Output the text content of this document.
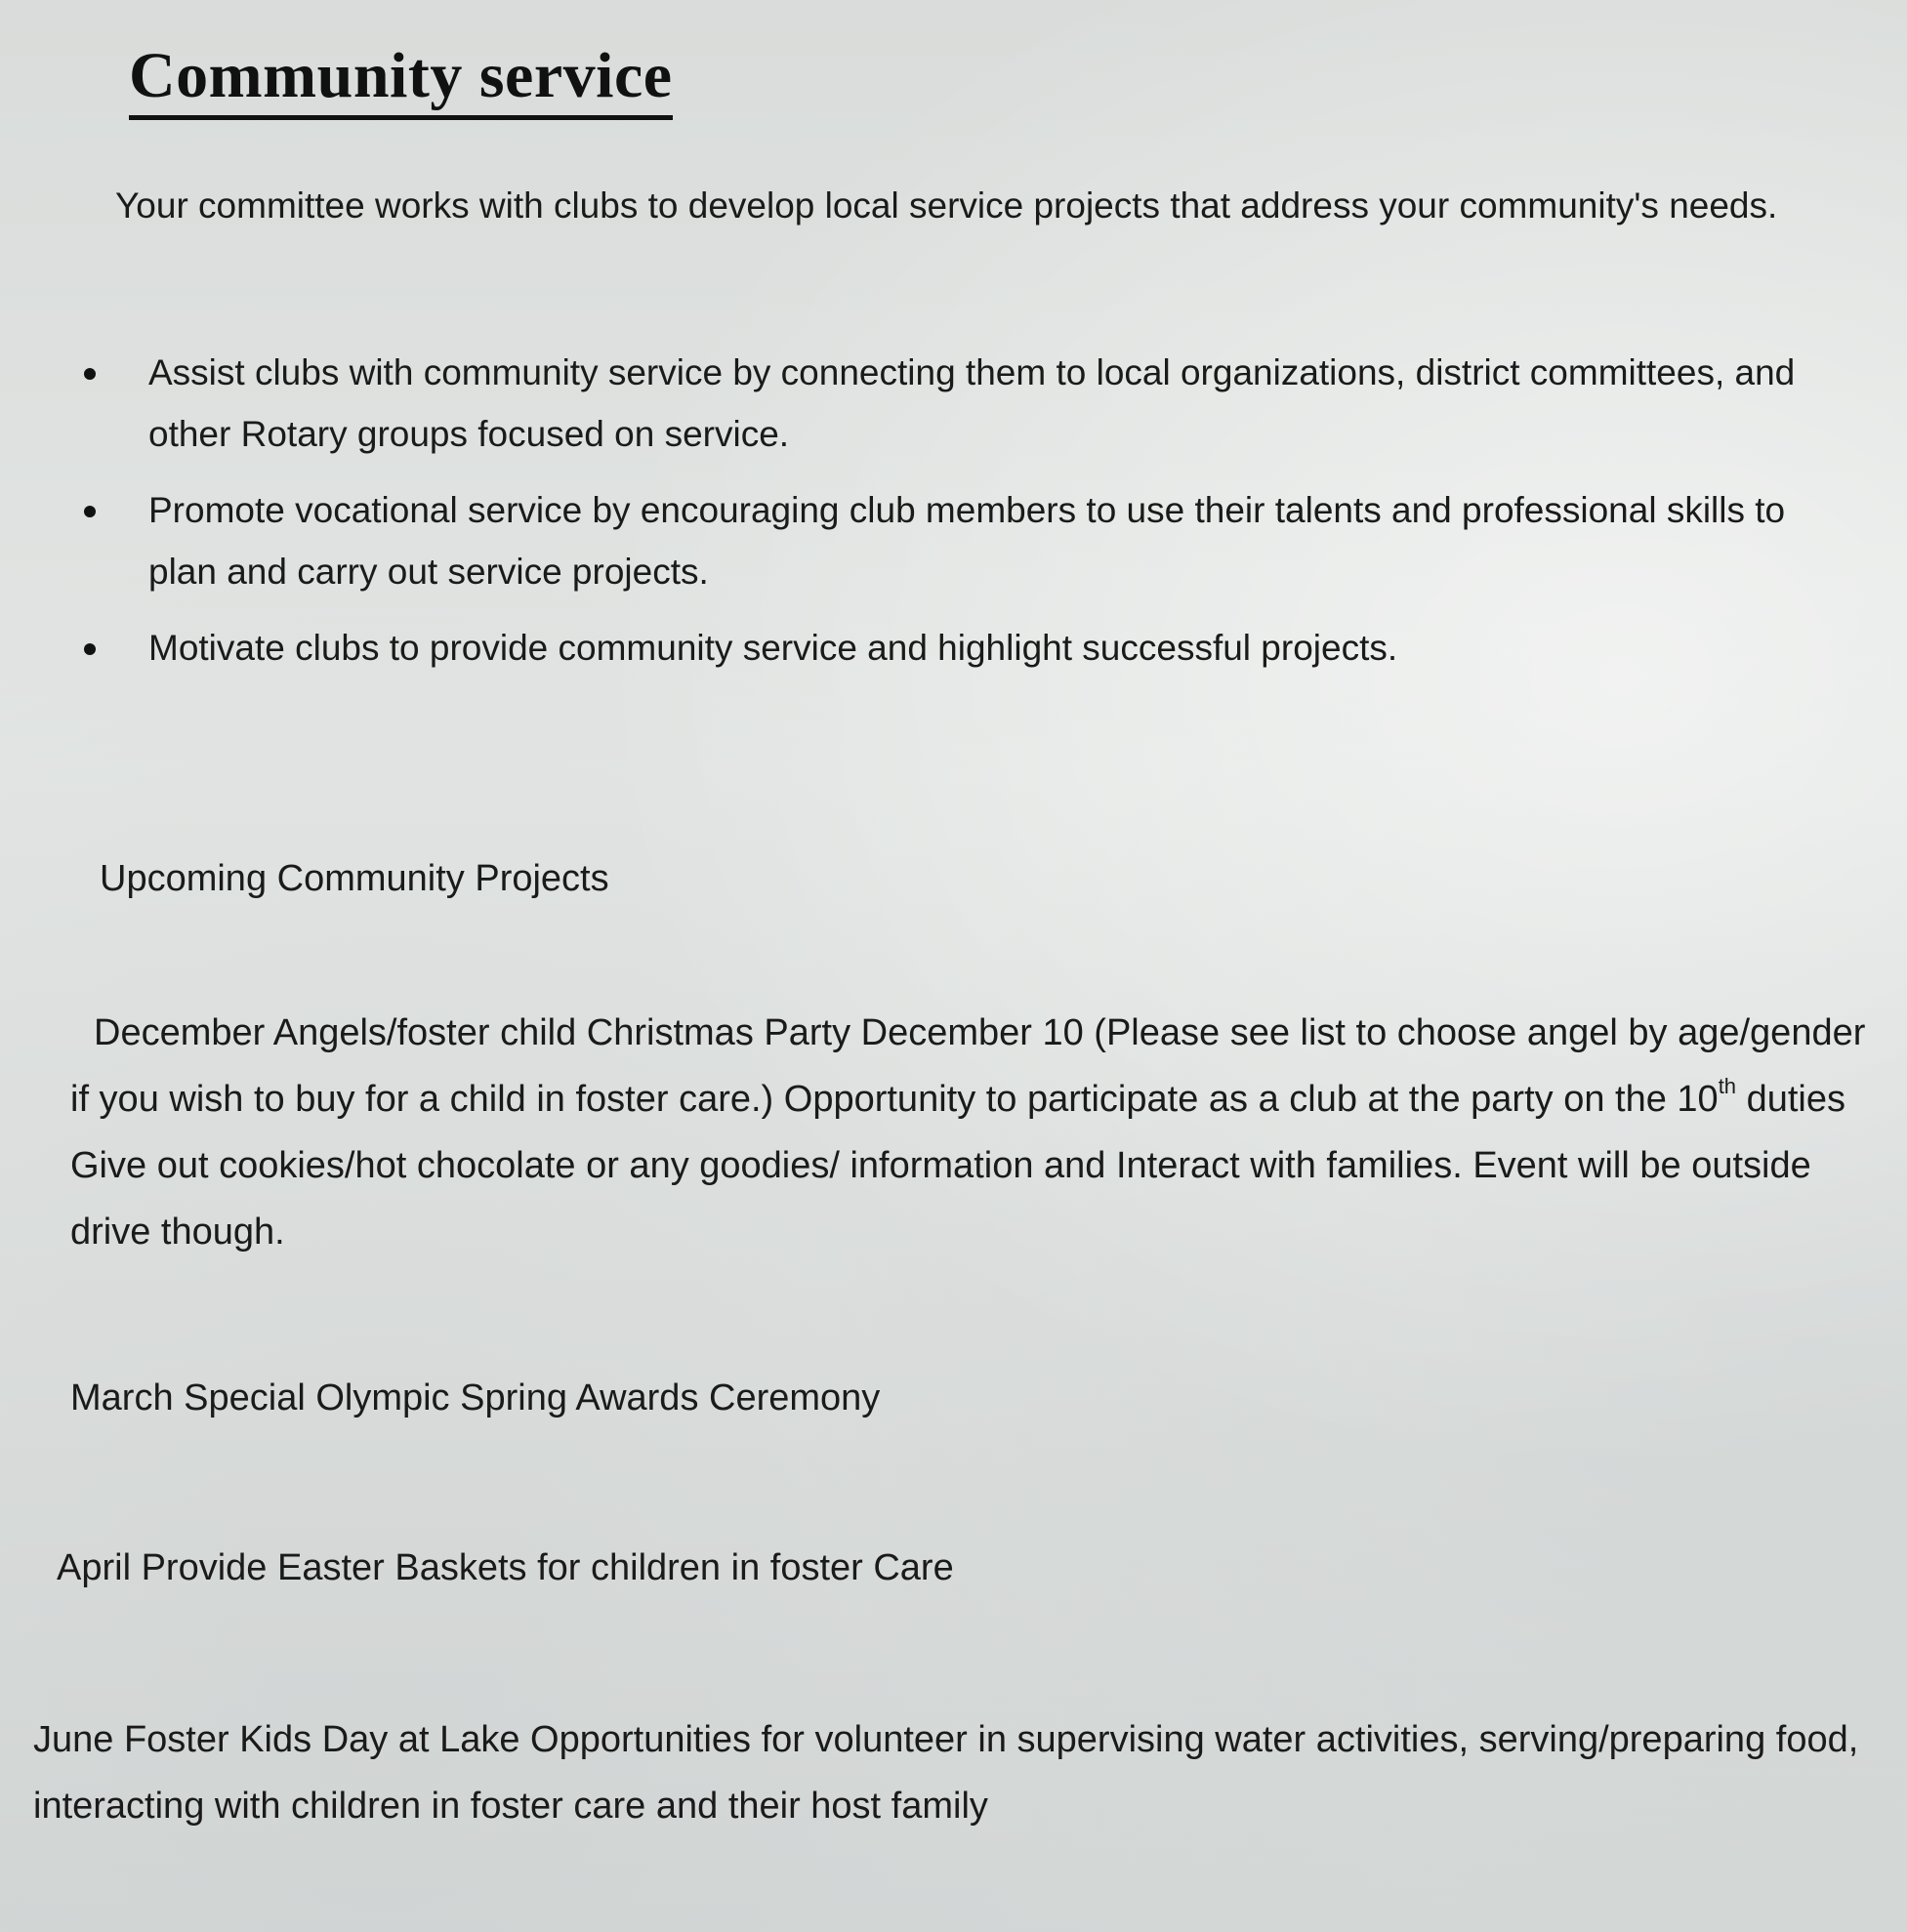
Community service

Your committee works with clubs to develop local service projects that address your community's needs.

Assist clubs with community service by connecting them to local organizations, district committees, and other Rotary groups focused on service.
Promote vocational service by encouraging club members to use their talents and professional skills to plan and carry out service projects.
Motivate clubs to provide community service and highlight successful projects.
Upcoming Community Projects

December Angels/foster child Christmas Party December 10 (Please see list to choose angel by age/gender if you wish to buy for a child in foster care.) Opportunity to participate as a club at the party on the 10th duties Give out cookies/hot chocolate or any goodies/ information and Interact with families. Event will be outside drive though.

March Special Olympic Spring Awards Ceremony

April Provide Easter Baskets for children in foster Care

June Foster Kids Day at Lake Opportunities for volunteer in supervising water activities, serving/preparing food, interacting with children in foster care and their host family
